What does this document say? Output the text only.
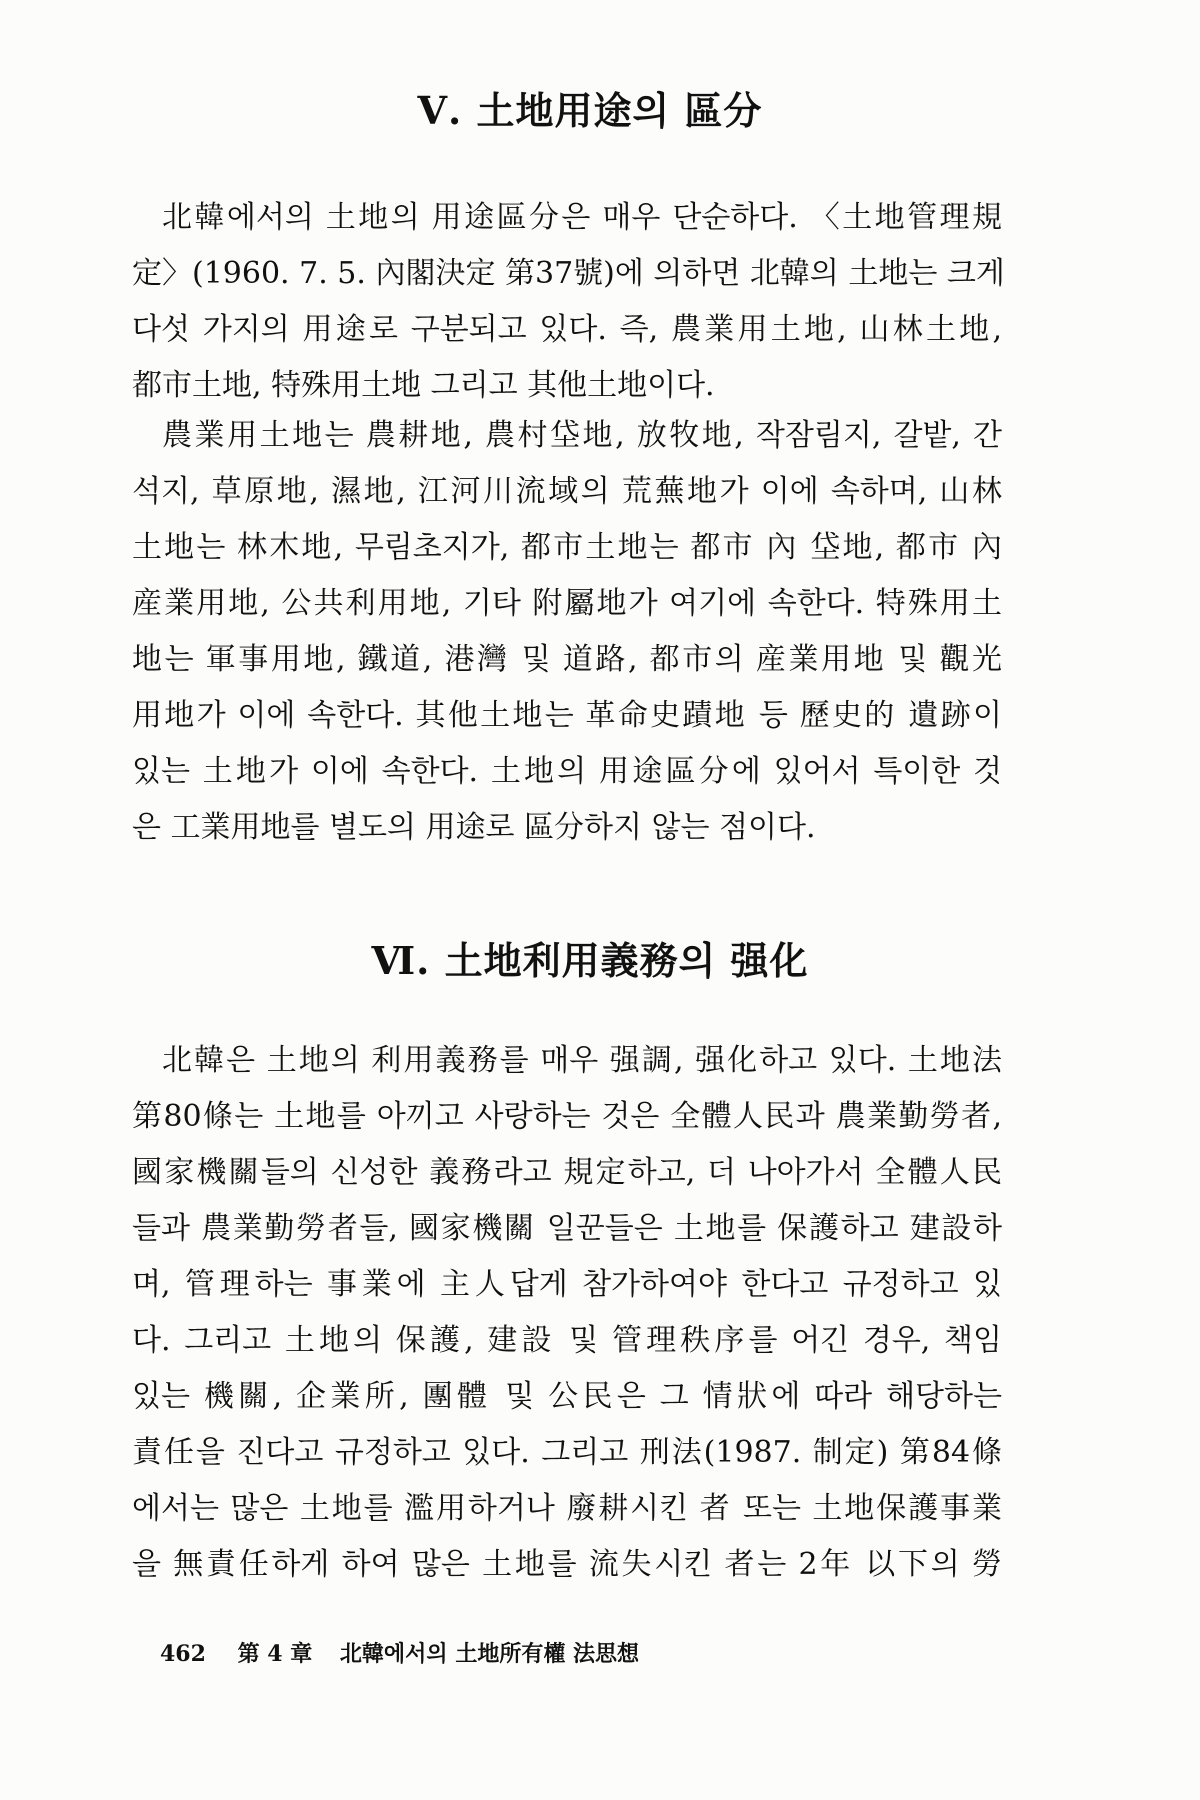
Ⅴ. 土地用途의 區分
北韓에서의 土地의 用途區分은 매우 단순하다. 〈土地管理規
定〉(1960. 7. 5. 內閣決定 第37號)에 의하면 北韓의 土地는 크게
다섯 가지의 用途로 구분되고 있다. 즉, 農業用土地, 山林土地,
都市土地, 特殊用土地 그리고 其他土地이다.
農業用土地는 農耕地, 農村垈地, 放牧地, 작잠림지, 갈밭, 간
석지, 草原地, 濕地, 江河川流域의 荒蕪地가 이에 속하며, 山林
土地는 林木地, 무림초지가, 都市土地는 都市 內 垈地, 都市 內
産業用地, 公共利用地, 기타 附屬地가 여기에 속한다. 特殊用土
地는 軍事用地, 鐵道, 港灣 및 道路, 都市의 産業用地 및 觀光
用地가 이에 속한다. 其他土地는 革命史蹟地 등 歷史的 遺跡이
있는 土地가 이에 속한다. 土地의 用途區分에 있어서 특이한 것
은 工業用地를 별도의 用途로 區分하지 않는 점이다.
Ⅵ. 土地利用義務의 强化
北韓은 土地의 利用義務를 매우 强調, 强化하고 있다. 土地法
第80條는 土地를 아끼고 사랑하는 것은 全體人民과 農業勤勞者,
國家機關들의 신성한 義務라고 規定하고, 더 나아가서 全體人民
들과 農業勤勞者들, 國家機關 일꾼들은 土地를 保護하고 建設하
며, 管理하는 事業에 主人답게 참가하여야 한다고 규정하고 있
다. 그리고 土地의 保護, 建設 및 管理秩序를 어긴 경우, 책임
있는 機關, 企業所, 團體 및 公民은 그 情狀에 따라 해당하는
責任을 진다고 규정하고 있다. 그리고 刑法(1987. 制定) 第84條
에서는 많은 土地를 濫用하거나 廢耕시킨 者 또는 土地保護事業
을 無責任하게 하여 많은 土地를 流失시킨 者는 2年 以下의 勞
462 第 4 章 北韓에서의 土地所有權 法思想
